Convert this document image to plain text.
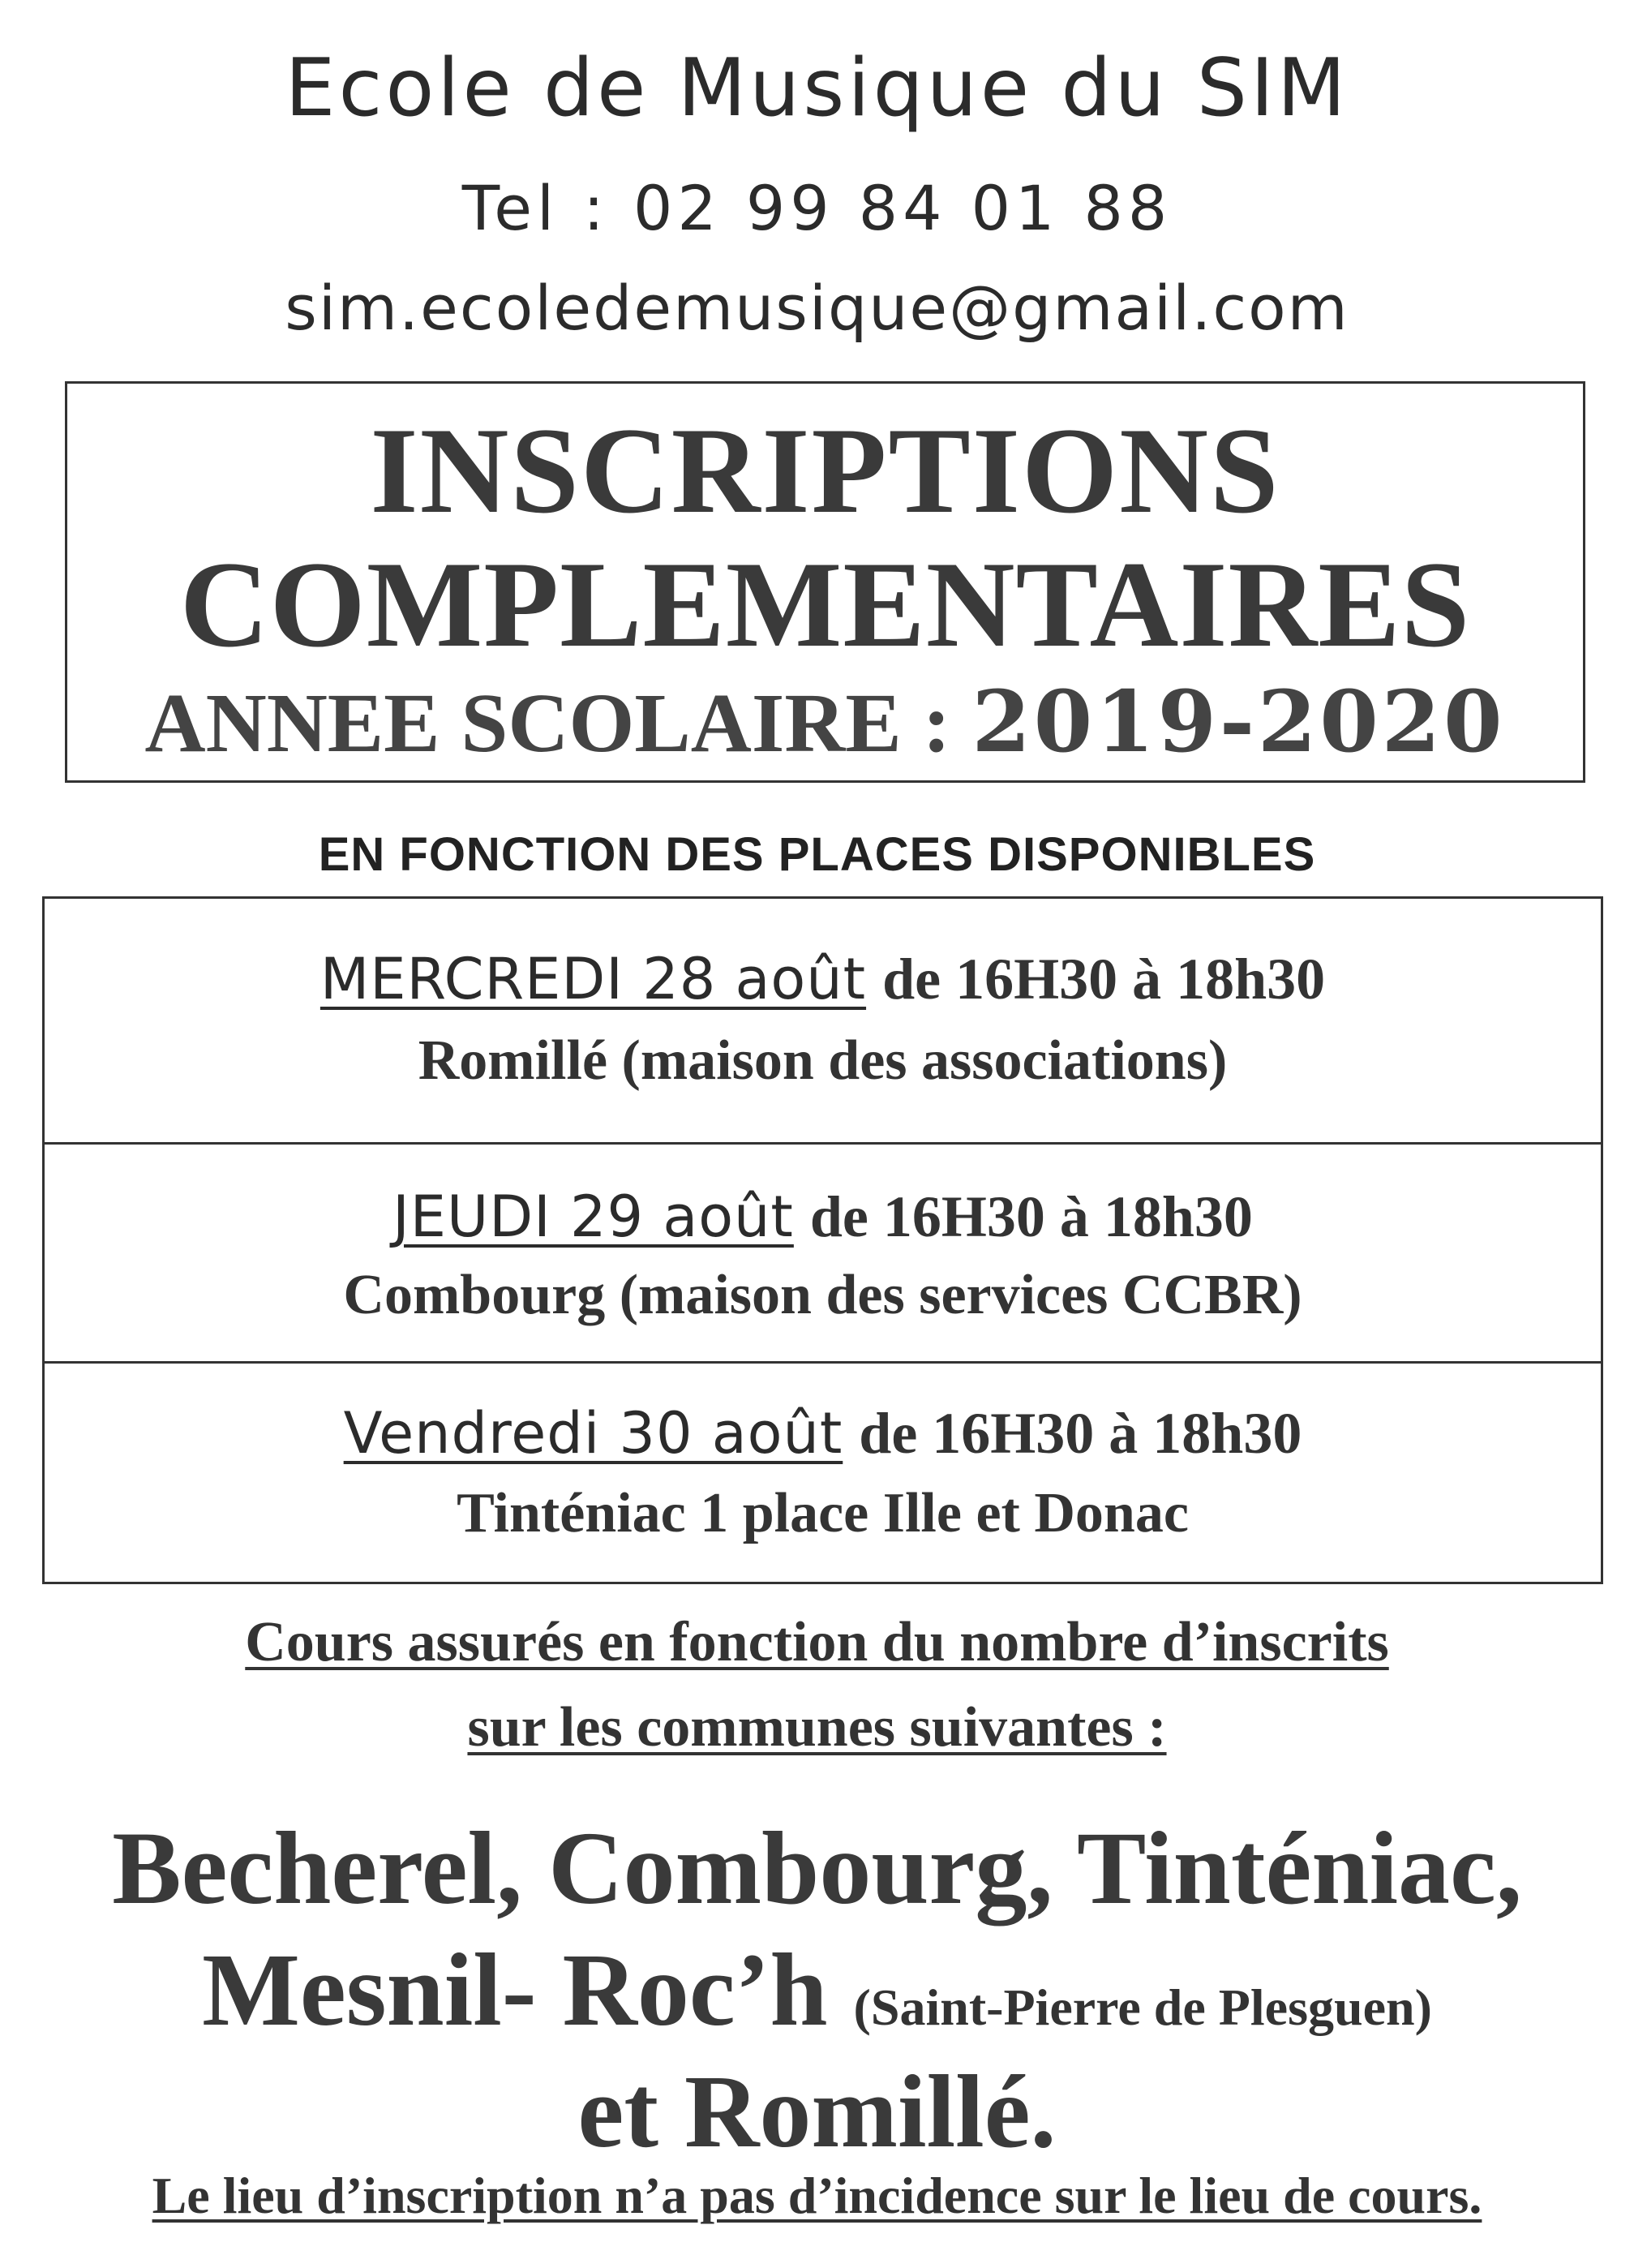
Ecole de Musique du SIM
Tel : 02 99 84 01 88
sim.ecoledemusique@gmail.com
INSCRIPTIONS
COMPLEMENTAIRES
ANNEE SCOLAIRE : 2019-2020
EN FONCTION DES PLACES DISPONIBLES
MERCREDI 28 août de 16H30 à 18h30
Romillé (maison des associations)
JEUDI 29 août de 16H30 à 18h30
Combourg (maison des services CCBR)
Vendredi 30 août de 16H30 à 18h30
Tinténiac 1 place Ille et Donac
Cours assurés en fonction du nombre d’inscrits
sur les communes suivantes :
Becherel, Combourg, Tinténiac,
Mesnil- Roc’h (Saint-Pierre de Plesguen)
et Romillé.
Le lieu d’inscription n’a pas d’incidence sur le lieu de cours.
